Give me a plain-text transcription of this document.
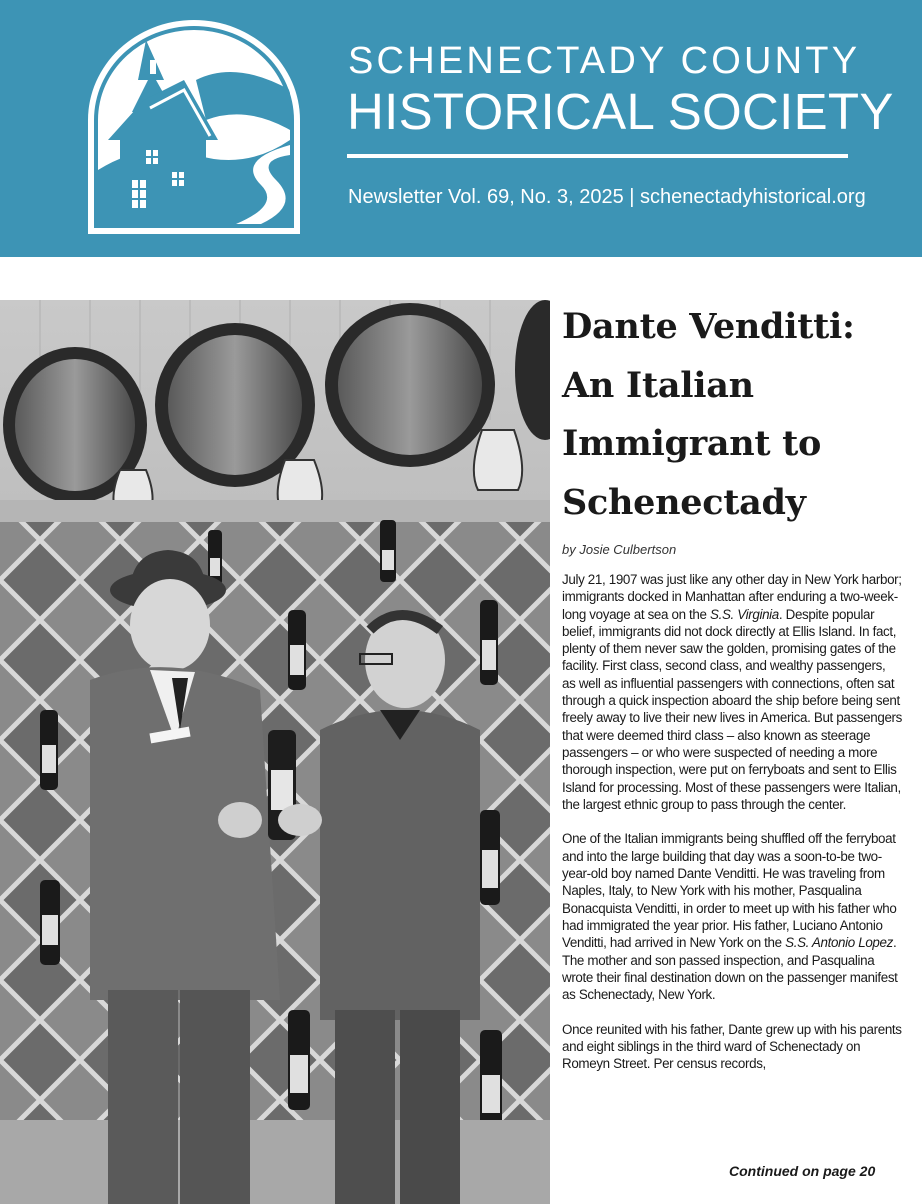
SCHENECTADY COUNTY
HISTORICAL SOCIETY
Newsletter Vol. 69, No. 3, 2025 | schenectadyhistorical.org
Dante Venditti:
An Italian
Immigrant to
Schenectady
by Josie Culbertson

July 21, 1907 was just like any other day in New York harbor; immigrants docked in Manhattan after enduring a two-week-long voyage at sea on the S.S. Virginia. Despite popular belief, immigrants did not dock directly at Ellis Island. In fact, plenty of them never saw the golden, promising gates of the facility. First class, second class, and wealthy passengers, as well as influential passengers with connections, often sat through a quick inspection aboard the ship before being sent freely away to live their new lives in America. But passengers that were deemed third class – also known as steerage passengers – or who were suspected of needing a more thorough inspection, were put on ferryboats and sent to Ellis Island for processing. Most of these passengers were Italian, the largest ethnic group to pass through the center.

One of the Italian immigrants being shuffled off the ferryboat and into the large building that day was a soon-to-be two-year-old boy named Dante Venditti. He was traveling from Naples, Italy, to New York with his mother, Pasqualina Bonacquista Venditti, in order to meet up with his father who had immigrated the year prior. His father, Luciano Antonio Venditti, had arrived in New York on the S.S. Antonio Lopez. The mother and son passed inspection, and Pasqualina wrote their final destination down on the passenger manifest as Schenectady, New York.

Once reunited with his father, Dante grew up with his parents and eight siblings in the third ward of Schenectady on Romeyn Street. Per census records,

Continued on page 20
